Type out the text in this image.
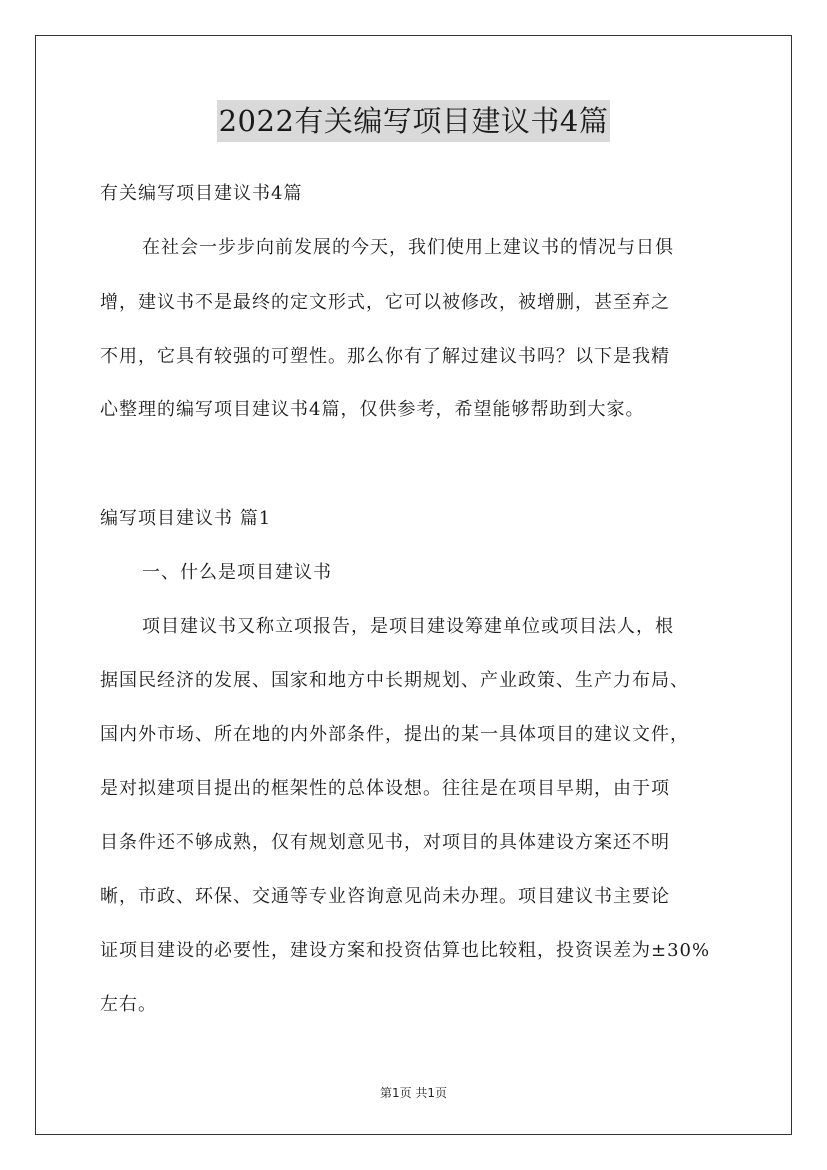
2022有关编写项目建议书4篇
有关编写项目建议书4篇
在社会一步步向前发展的今天，我们使用上建议书的情况与日俱
增，建议书不是最终的定文形式，它可以被修改，被增删，甚至弃之
不用，它具有较强的可塑性。那么你有了解过建议书吗？以下是我精
心整理的编写项目建议书4篇，仅供参考，希望能够帮助到大家。
编写项目建议书 篇1
一、什么是项目建议书
项目建议书又称立项报告，是项目建设筹建单位或项目法人，根
据国民经济的发展、国家和地方中长期规划、产业政策、生产力布局、
国内外市场、所在地的内外部条件，提出的某一具体项目的建议文件，
是对拟建项目提出的框架性的总体设想。往往是在项目早期，由于项
目条件还不够成熟，仅有规划意见书，对项目的具体建设方案还不明
晰，市政、环保、交通等专业咨询意见尚未办理。项目建议书主要论
证项目建设的必要性，建设方案和投资估算也比较粗，投资误差为±30%
左右。
第1页 共1页
